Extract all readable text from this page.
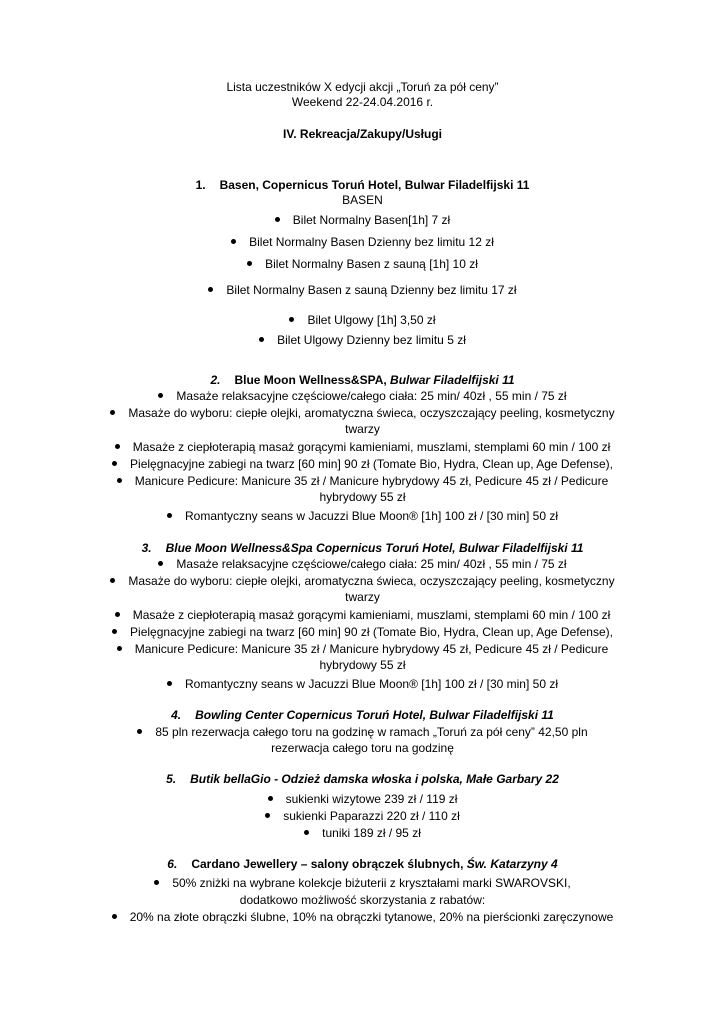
Lista uczestników X edycji akcji „Toruń za pół ceny”
Weekend 22-24.04.2016 r.
IV. Rekreacja/Zakupy/Usługi
1. Basen, Copernicus Toruń Hotel, Bulwar Filadelfijski 11
BASEN
Bilet Normalny Basen[1h] 7 zł
Bilet Normalny Basen Dzienny bez limitu 12 zł
Bilet Normalny Basen z sauną [1h] 10 zł
Bilet Normalny Basen z sauną Dzienny bez limitu 17 zł
Bilet Ulgowy [1h] 3,50 zł
Bilet Ulgowy Dzienny bez limitu 5 zł
2. Blue Moon Wellness&SPA, Bulwar Filadelfijski 11
Masaże relaksacyjne częściowe/całego ciała: 25 min/ 40zł , 55 min / 75 zł
Masaże do wyboru: ciepłe olejki, aromatyczna świeca, oczyszczający peeling, kosmetyczny
twarzy
Masaże z ciepłoterapią masaż gorącymi kamieniami, muszlami, stemplami 60 min / 100 zł
Pielęgnacyjne zabiegi na twarz [60 min] 90 zł (Tomate Bio, Hydra, Clean up, Age Defense),
Manicure Pedicure: Manicure 35 zł / Manicure hybrydowy 45 zł, Pedicure 45 zł / Pedicure
hybrydowy 55 zł
Romantyczny seans w Jacuzzi Blue Moon® [1h] 100 zł / [30 min] 50 zł
3. Blue Moon Wellness&Spa Copernicus Toruń Hotel, Bulwar Filadelfijski 11
Masaże relaksacyjne częściowe/całego ciała: 25 min/ 40zł , 55 min / 75 zł
Masaże do wyboru: ciepłe olejki, aromatyczna świeca, oczyszczający peeling, kosmetyczny
twarzy
Masaże z ciepłoterapią masaż gorącymi kamieniami, muszlami, stemplami 60 min / 100 zł
Pielęgnacyjne zabiegi na twarz [60 min] 90 zł (Tomate Bio, Hydra, Clean up, Age Defense),
Manicure Pedicure: Manicure 35 zł / Manicure hybrydowy 45 zł, Pedicure 45 zł / Pedicure
hybrydowy 55 zł
Romantyczny seans w Jacuzzi Blue Moon® [1h] 100 zł / [30 min] 50 zł
4. Bowling Center Copernicus Toruń Hotel, Bulwar Filadelfijski 11
85 pln rezerwacja całego toru na godzinę w ramach „Toruń za pół ceny” 42,50 pln
rezerwacja całego toru na godzinę
5. Butik bellaGio - Odzież damska włoska i polska, Małe Garbary 22
sukienki wizytowe 239 zł / 119 zł
sukienki Paparazzi 220 zł / 110 zł
tuniki 189 zł / 95 zł
6. Cardano Jewellery – salony obrączek ślubnych, Św. Katarzyny 4
50% zniżki na wybrane kolekcje biżuterii z kryształami marki SWAROVSKI,
dodatkowo możliwość skorzystania z rabatów:
20% na złote obrączki ślubne, 10% na obrączki tytanowe, 20% na pierścionki zaręczynowe
